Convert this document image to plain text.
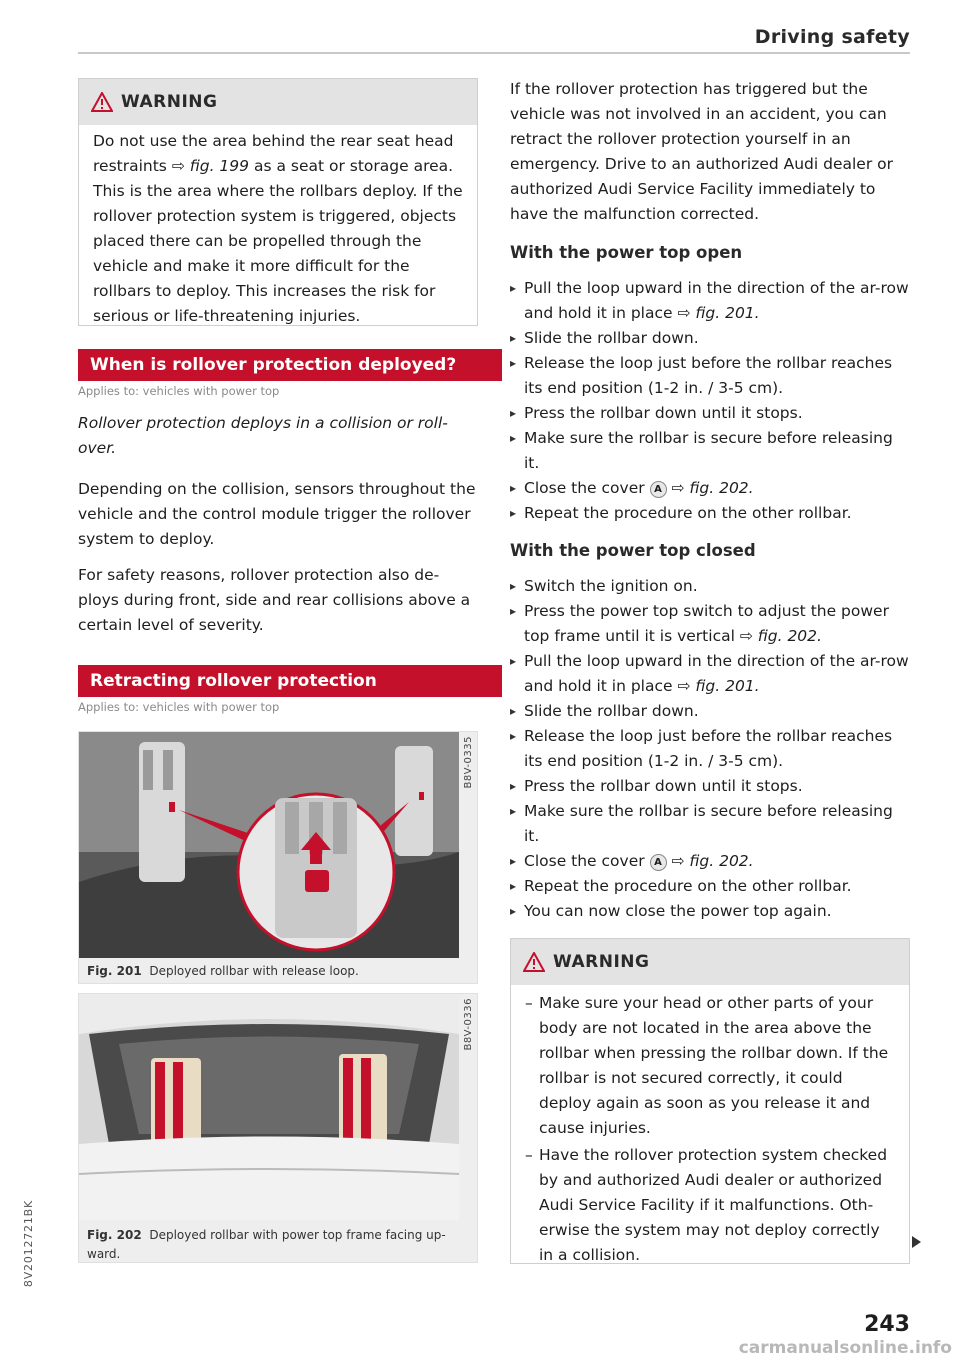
Driving safety
WARNING
Do not use the area behind the rear seat head restraints ⇨ fig. 199 as a seat or storage area. This is the area where the rollbars deploy. If the rollover protection system is triggered, objects placed there can be propelled through the vehicle and make it more difficult for the rollbars to deploy. This increases the risk for serious or life-threatening injuries.
When is rollover protection deployed?
Applies to: vehicles with power top

Rollover protection deploys in a collision or roll-over.

Depending on the collision, sensors throughout the vehicle and the control module trigger the rollover system to deploy.

For safety reasons, rollover protection also de-ploys during front, side and rear collisions above a certain level of severity.

Retracting rollover protection
Applies to: vehicles with power top
B8V-0335
Fig. 201 Deployed rollbar with release loop.
B8V-0336
Fig. 202 Deployed rollbar with power top frame facing up-ward.

If the rollover protection has triggered but the vehicle was not involved in an accident, you can retract the rollover protection yourself in an emergency. Drive to an authorized Audi dealer or authorized Audi Service Facility immediately to have the malfunction corrected.

With the power top open
▸ Pull the loop upward in the direction of the ar-row and hold it in place ⇨ fig. 201.
▸ Slide the rollbar down.
▸ Release the loop just before the rollbar reaches its end position (1-2 in. / 3-5 cm).
▸ Press the rollbar down until it stops.
▸ Make sure the rollbar is secure before releasing it.
▸ Close the cover A ⇨ fig. 202.
▸ Repeat the procedure on the other rollbar.
With the power top closed
▸ Switch the ignition on.
▸ Press the power top switch to adjust the power top frame until it is vertical ⇨ fig. 202.
▸ Pull the loop upward in the direction of the ar-row and hold it in place ⇨ fig. 201.
▸ Slide the rollbar down.
▸ Release the loop just before the rollbar reaches its end position (1-2 in. / 3-5 cm).
▸ Press the rollbar down until it stops.
▸ Make sure the rollbar is secure before releasing it.
▸ Close the cover A ⇨ fig. 202.
▸ Repeat the procedure on the other rollbar.
▸ You can now close the power top again.
WARNING
– Make sure your head or other parts of your body are not located in the area above the rollbar when pressing the rollbar down. If the rollbar is not secured correctly, it could deploy again as soon as you release it and cause injuries.
– Have the rollover protection system checked by and authorized Audi dealer or authorized Audi Service Facility if it malfunctions. Oth-erwise the system may not deploy correctly in a collision.
243
8V2012721BK
carmanualsonline.info
